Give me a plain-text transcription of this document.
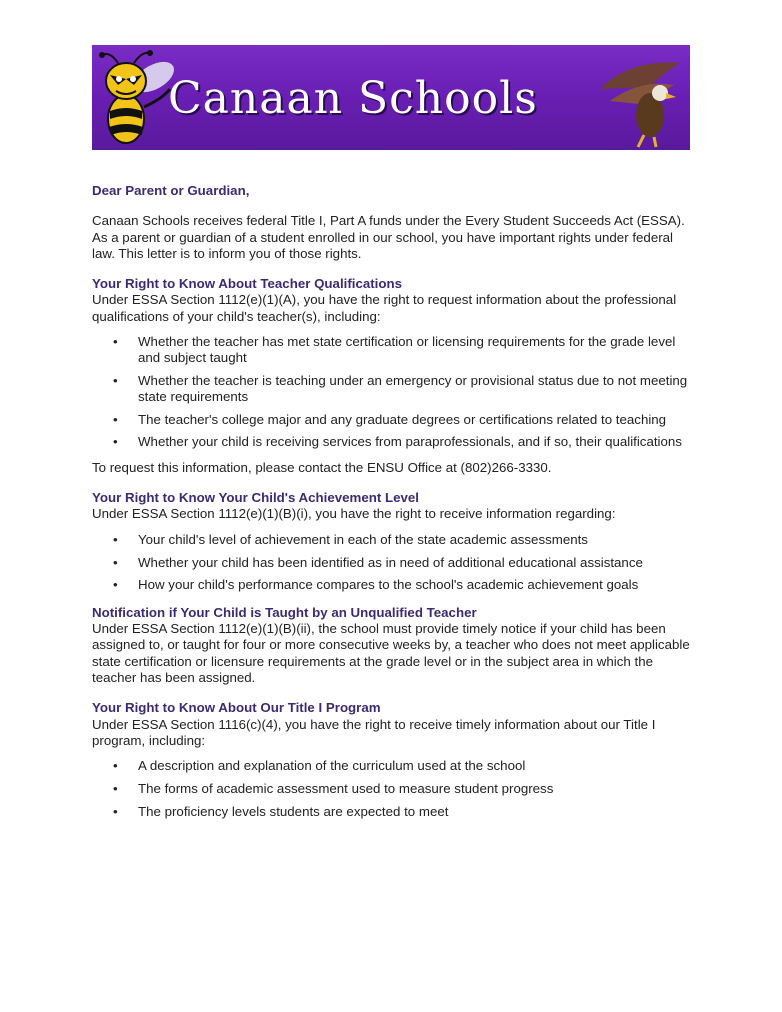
Canaan Schools

Dear Parent or Guardian,

Canaan Schools receives federal Title I, Part A funds under the Every Student Succeeds Act (ESSA). As a parent or guardian of a student enrolled in our school, you have important rights under federal law. This letter is to inform you of those rights.

Your Right to Know About Teacher Qualifications

Under ESSA Section 1112(e)(1)(A), you have the right to request information about the professional qualifications of your child's teacher(s), including:

• Whether the teacher has met state certification or licensing requirements for the grade level and subject taught
• Whether the teacher is teaching under an emergency or provisional status due to not meeting state requirements
• The teacher's college major and any graduate degrees or certifications related to teaching
• Whether your child is receiving services from paraprofessionals, and if so, their qualifications

To request this information, please contact the ENSU Office at (802)266-3330.

Your Right to Know Your Child's Achievement Level

Under ESSA Section 1112(e)(1)(B)(i), you have the right to receive information regarding:

• Your child's level of achievement in each of the state academic assessments
• Whether your child has been identified as in need of additional educational assistance
• How your child's performance compares to the school's academic achievement goals

Notification if Your Child is Taught by an Unqualified Teacher

Under ESSA Section 1112(e)(1)(B)(ii), the school must provide timely notice if your child has been assigned to, or taught for four or more consecutive weeks by, a teacher who does not meet applicable state certification or licensure requirements at the grade level or in the subject area in which the teacher has been assigned.

Your Right to Know About Our Title I Program

Under ESSA Section 1116(c)(4), you have the right to receive timely information about our Title I program, including:

• A description and explanation of the curriculum used at the school
• The forms of academic assessment used to measure student progress
• The proficiency levels students are expected to meet
